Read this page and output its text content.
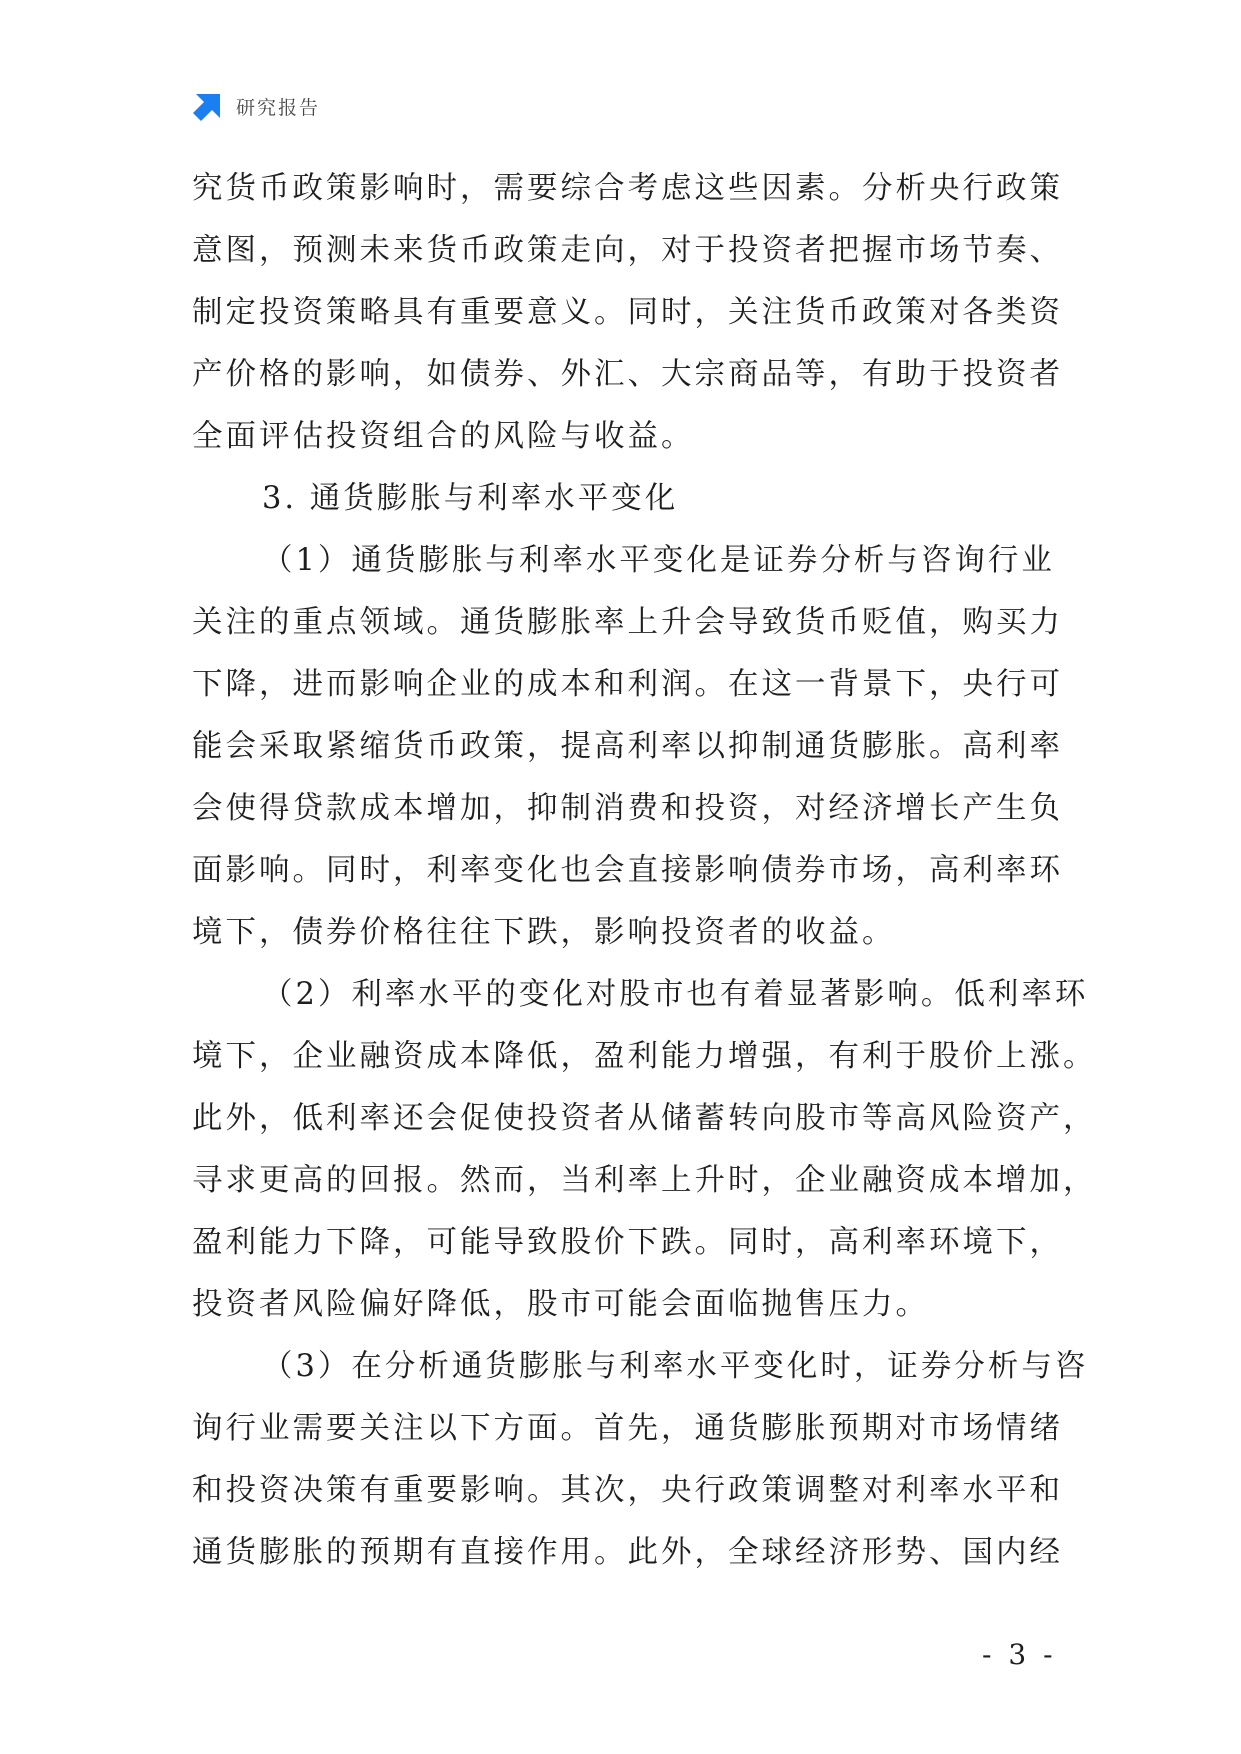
研究报告

究货币政策影响时，需要综合考虑这些因素。分析央行政策

意图，预测未来货币政策走向，对于投资者把握市场节奏、

制定投资策略具有重要意义。同时，关注货币政策对各类资

产价格的影响，如债券、外汇、大宗商品等，有助于投资者

全面评估投资组合的风险与收益。

3. 通货膨胀与利率水平变化

（1）通货膨胀与利率水平变化是证券分析与咨询行业

关注的重点领域。通货膨胀率上升会导致货币贬值，购买力

下降，进而影响企业的成本和利润。在这一背景下，央行可

能会采取紧缩货币政策，提高利率以抑制通货膨胀。高利率

会使得贷款成本增加，抑制消费和投资，对经济增长产生负

面影响。同时，利率变化也会直接影响债券市场，高利率环

境下，债券价格往往下跌，影响投资者的收益。

（2）利率水平的变化对股市也有着显著影响。低利率环

境下，企业融资成本降低，盈利能力增强，有利于股价上涨。

此外，低利率还会促使投资者从储蓄转向股市等高风险资产，

寻求更高的回报。然而，当利率上升时，企业融资成本增加，

盈利能力下降，可能导致股价下跌。同时，高利率环境下，

投资者风险偏好降低，股市可能会面临抛售压力。

（3）在分析通货膨胀与利率水平变化时，证券分析与咨

询行业需要关注以下方面。首先，通货膨胀预期对市场情绪

和投资决策有重要影响。其次，央行政策调整对利率水平和

通货膨胀的预期有直接作用。此外，全球经济形势、国内经

- 3 -
